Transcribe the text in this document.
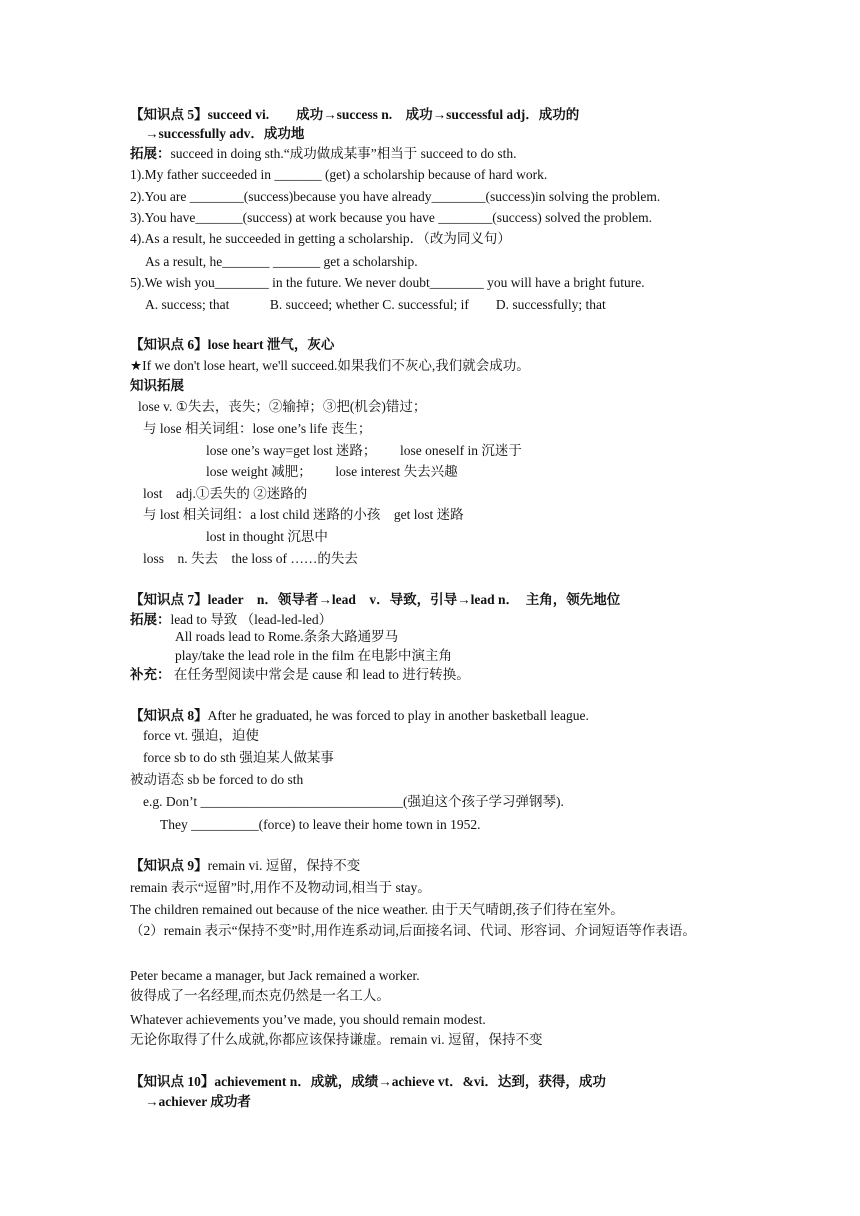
【知识点 5】succeed vi.　　成功→success n.　成功→successful adj．成功的
→successfully adv．成功地
拓展：succeed in doing sth.“成功做成某事”相当于 succeed to do sth.
1).My father succeeded in _______ (get) a scholarship because of hard work.
2).You are ________(success)because you have already________(success)in solving the problem.
3).You have_______(success) at work because you have ________(success) solved the problem.
4).As a result, he succeeded in getting a scholarship．（改为同义句）
As a result, he_______ _______ get a scholarship.
5).We wish you________ in the future. We never doubt________ you will have a bright future.
A. success; that　　　B. succeed; whether C. successful; if　　D. successfully; that
【知识点 6】lose heart 泄气，灰心
★If we don't lose heart, we'll succeed.如果我们不灰心,我们就会成功。
知识拓展
lose v. ①失去，丧失；②输掉；③把(机会)错过；
与 lose 相关词组：lose one’s life 丧生；
lose one’s way=get lost 迷路；　　 lose oneself in 沉迷于
lose weight 减肥；　　 lose interest 失去兴趣
lost　adj.①丢失的 ②迷路的
与 lost 相关词组：a lost child 迷路的小孩　get lost 迷路
lost in thought 沉思中
loss　n. 失去　the loss of ……的失去
【知识点 7】leader　n．领导者→lead　v．导致，引导→lead n．　主角，领先地位
拓展：lead to 导致 （lead-led-led）
All roads lead to Rome.条条大路通罗马
play/take the lead role in the film 在电影中演主角
补充： 在任务型阅读中常会是 cause 和 lead to 进行转换。
【知识点 8】After he graduated, he was forced to play in another basketball league.
force vt. 强迫，迫使
force sb to do sth 强迫某人做某事
被动语态 sb be forced to do sth
e.g. Don’t ______________________________(强迫这个孩子学习弹钢琴).
They __________(force) to leave their home town in 1952.
【知识点 9】remain vi. 逗留，保持不变
remain 表示“逗留”时,用作不及物动词,相当于 stay。
The children remained out because of the nice weather. 由于天气晴朗,孩子们待在室外。
（2）remain 表示“保持不变”时,用作连系动词,后面接名词、代词、形容词、介词短语等作表语。
Peter became a manager, but Jack remained a worker.
彼得成了一名经理,而杰克仍然是一名工人。
Whatever achievements you’ve made, you should remain modest.
无论你取得了什么成就,你都应该保持谦虚。remain vi. 逗留，保持不变
【知识点 10】achievement n．成就，成绩→achieve vt．&vi．达到，获得，成功
→achiever 成功者
